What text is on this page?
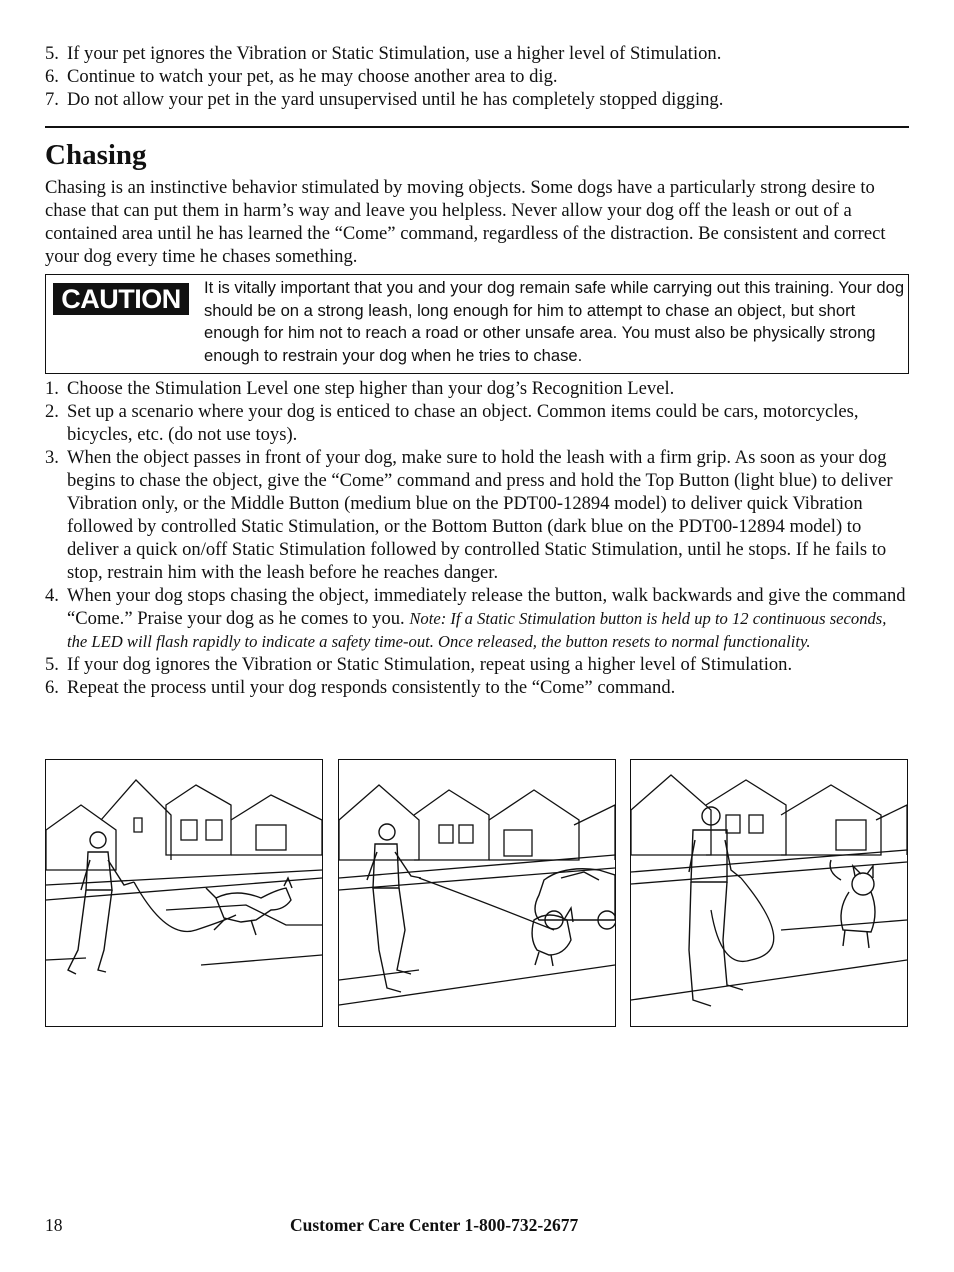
5. If your pet ignores the Vibration or Static Stimulation, use a higher level of Stimulation.
6. Continue to watch your pet, as he may choose another area to dig.
7. Do not allow your pet in the yard unsupervised until he has completely stopped digging.
Chasing

Chasing is an instinctive behavior stimulated by moving objects. Some dogs have a particularly strong desire to chase that can put them in harm’s way and leave you helpless. Never allow your dog off the leash or out of a contained area until he has learned the “Come” command, regardless of the distraction. Be consistent and correct your dog every time he chases something.

CAUTION	It is vitally important that you and your dog remain safe while carrying out this training. Your dog should be on a strong leash, long enough for him to attempt to chase an object, but short enough for him not to reach a road or other unsafe area. You must also be physically strong enough to restrain your dog when he tries to chase.

1. Choose the Stimulation Level one step higher than your dog’s Recognition Level.
2. Set up a scenario where your dog is enticed to chase an object. Common items could be cars, motorcycles, bicycles, etc. (do not use toys).
3. When the object passes in front of your dog, make sure to hold the leash with a firm grip. As soon as your dog begins to chase the object, give the “Come” command and press and hold the Top Button (light blue) to deliver Vibration only, or the Middle Button (medium blue on the PDT00-12894 model) to deliver quick Vibration followed by controlled Static Stimulation, or the Bottom Button (dark blue on the PDT00-12894 model) to deliver a quick on/off Static Stimulation followed by controlled Static Stimulation, until he stops. If he fails to stop, restrain him with the leash before he reaches danger.
4. When your dog stops chasing the object, immediately release the button, walk backwards and give the command “Come.” Praise your dog as he comes to you. Note: If a Static Stimulation button is held up to 12 continuous seconds, the LED will flash rapidly to indicate a safety time-out. Once released, the button resets to normal functionality.
5. If your dog ignores the Vibration or Static Stimulation, repeat using a higher level of Stimulation.
6. Repeat the process until your dog responds consistently to the “Come” command.
18	Customer Care Center 1-800-732-2677
